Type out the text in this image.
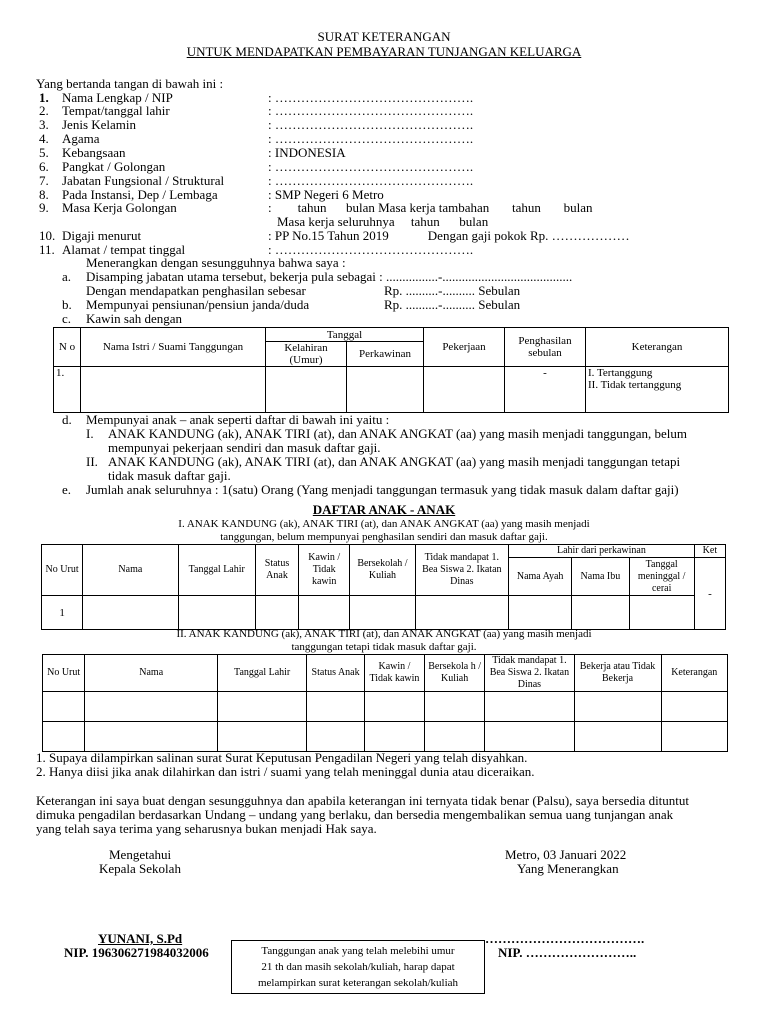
SURAT KETERANGAN
UNTUK MENDAPATKAN PEMBAYARAN TUNJANGAN KELUARGA
Yang bertanda tangan di bawah ini :
1. Nama Lengkap / NIP	: ……………………………………….
2. Tempat/tanggal lahir	: ……………………………………….
3. Jenis Kelamin	: ……………………………………….
4. Agama	: ……………………………………….
5. Kebangsaan	: INDONESIA
6. Pangkat / Golongan	: ……………………………………….
7. Jabatan Fungsional / Struktural	: ……………………………………….
8. Pada Instansi, Dep / Lembaga	: SMP Negeri 6 Metro
9. Masa Kerja Golongan	:        tahun      bulan Masa kerja tambahan       tahun       bulan
Masa kerja seluruhnya     tahun      bulan
10. Digaji menurut	: PP No.15 Tahun 2019            Dengan gaji pokok Rp. ………………
11. Alamat / tempat tinggal	: ……………………………………….
Menerangkan dengan sesungguhnya bahwa saya :
a. Disamping jabatan utama tersebut, bekerja pula sebagai : ................-........................................
Dengan mendapatkan penghasilan sebesar	Rp. ..........-.......... Sebulan
b. Mempunyai pensiunan/pensiun janda/duda	Rp. ..........-.......... Sebulan
c. Kawin sah dengan
N o	Nama Istri / Suami Tanggungan	Tanggal		Pekerjaan	Penghasilan sebulan	Keterangan
		Kelahiran (Umur)	Perkawinan			
1.					-	I. Tertanggung
II. Tidak tertanggung
d. Mempunyai anak – anak seperti daftar di bawah ini yaitu :
I. ANAK KANDUNG (ak), ANAK TIRI (at), dan ANAK ANGKAT (aa) yang masih menjadi tanggungan, belum
mempunyai pekerjaan sendiri dan masuk daftar gaji.
II. ANAK KANDUNG (ak), ANAK TIRI (at), dan ANAK ANGKAT (aa) yang masih menjadi tanggungan tetapi
tidak masuk daftar gaji.
e. Jumlah anak seluruhnya : 1(satu) Orang (Yang menjadi tanggungan termasuk yang tidak masuk dalam daftar gaji)
DAFTAR ANAK - ANAK
I. ANAK KANDUNG (ak), ANAK TIRI (at), dan ANAK ANGKAT (aa) yang masih menjadi
tanggungan, belum mempunyai penghasilan sendiri dan masuk daftar gaji.
No Urut	Nama	Tanggal Lahir	Status Anak	Kawin / Tidak kawin	Bersekolah / Kuliah	Tidak mandapat 1. Bea Siswa 2. Ikatan Dinas	Lahir dari perkawinan			Ket
							Nama Ayah	Nama Ibu	Tanggal meninggal / cerai	-
1										
II. ANAK KANDUNG (ak), ANAK TIRI (at), dan ANAK ANGKAT (aa) yang masih menjadi
tanggungan tetapi tidak masuk daftar gaji.
No Urut	Nama	Tanggal Lahir	Status Anak	Kawin / Tidak kawin	Bersekola h / Kuliah	Tidak mandapat 1. Bea Siswa 2. Ikatan Dinas	Bekerja atau Tidak Bekerja	Keterangan

1. Supaya dilampirkan salinan surat Surat Keputusan Pengadilan Negeri yang telah disyahkan.
2. Hanya diisi jika anak dilahirkan dan istri / suami yang telah meninggal dunia atau diceraikan.
Keterangan ini saya buat dengan sesungguhnya dan apabila keterangan ini ternyata tidak benar (Palsu), saya bersedia dituntut
dimuka pengadilan berdasarkan Undang – undang yang berlaku, dan bersedia mengembalikan semua uang tunjangan anak
yang telah saya terima yang seharusnya bukan menjadi Hak saya.
Mengetahui
Kepala Sekolah
Metro, 03 Januari 2022
Yang Menerangkan
YUNANI, S.Pd
NIP. 196306271984032006
……………………………….
NIP. ……………………..
Tanggungan anak yang telah melebihi umur
21 th dan masih sekolah/kuliah, harap dapat
melampirkan surat keterangan sekolah/kuliah
